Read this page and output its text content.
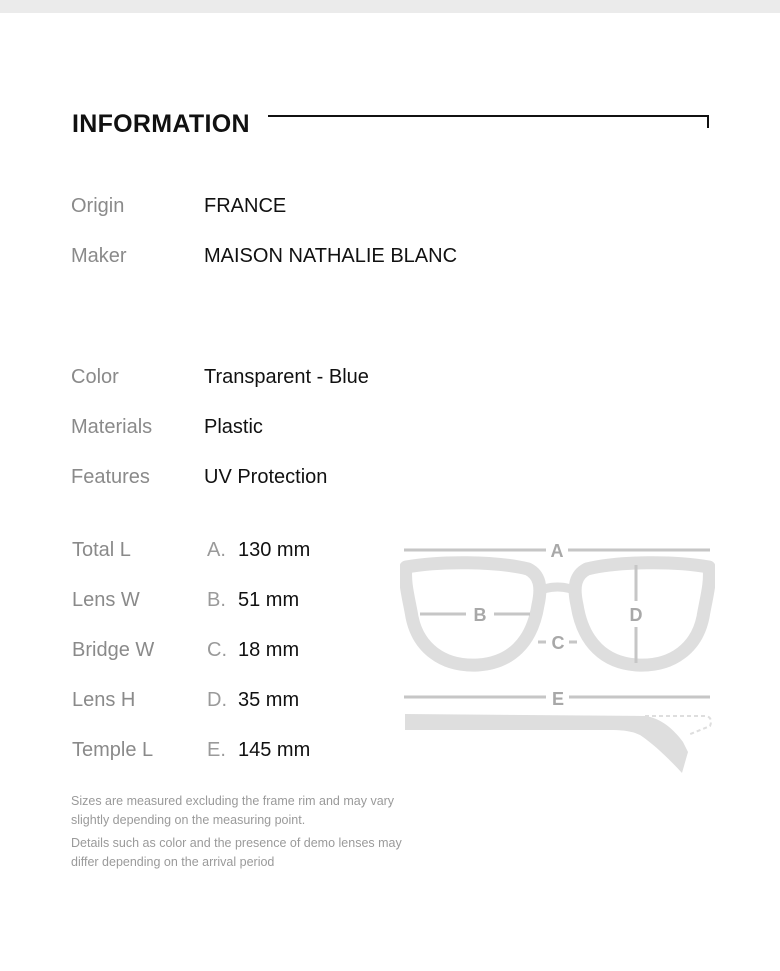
INFORMATION
Origin	FRANCE
Maker	MAISON NATHALIE BLANC
Color	Transparent - Blue
Materials	Plastic
Features	UV Protection
Total L	A. 130 mm
Lens W	B. 51 mm
Bridge W	C. 18 mm
Lens H	D. 35 mm
Temple L	E. 145 mm
A
B
C
D
E
Sizes are measured excluding the frame rim and may vary slightly depending on the measuring point.
Details such as color and the presence of demo lenses may differ depending on the arrival period
